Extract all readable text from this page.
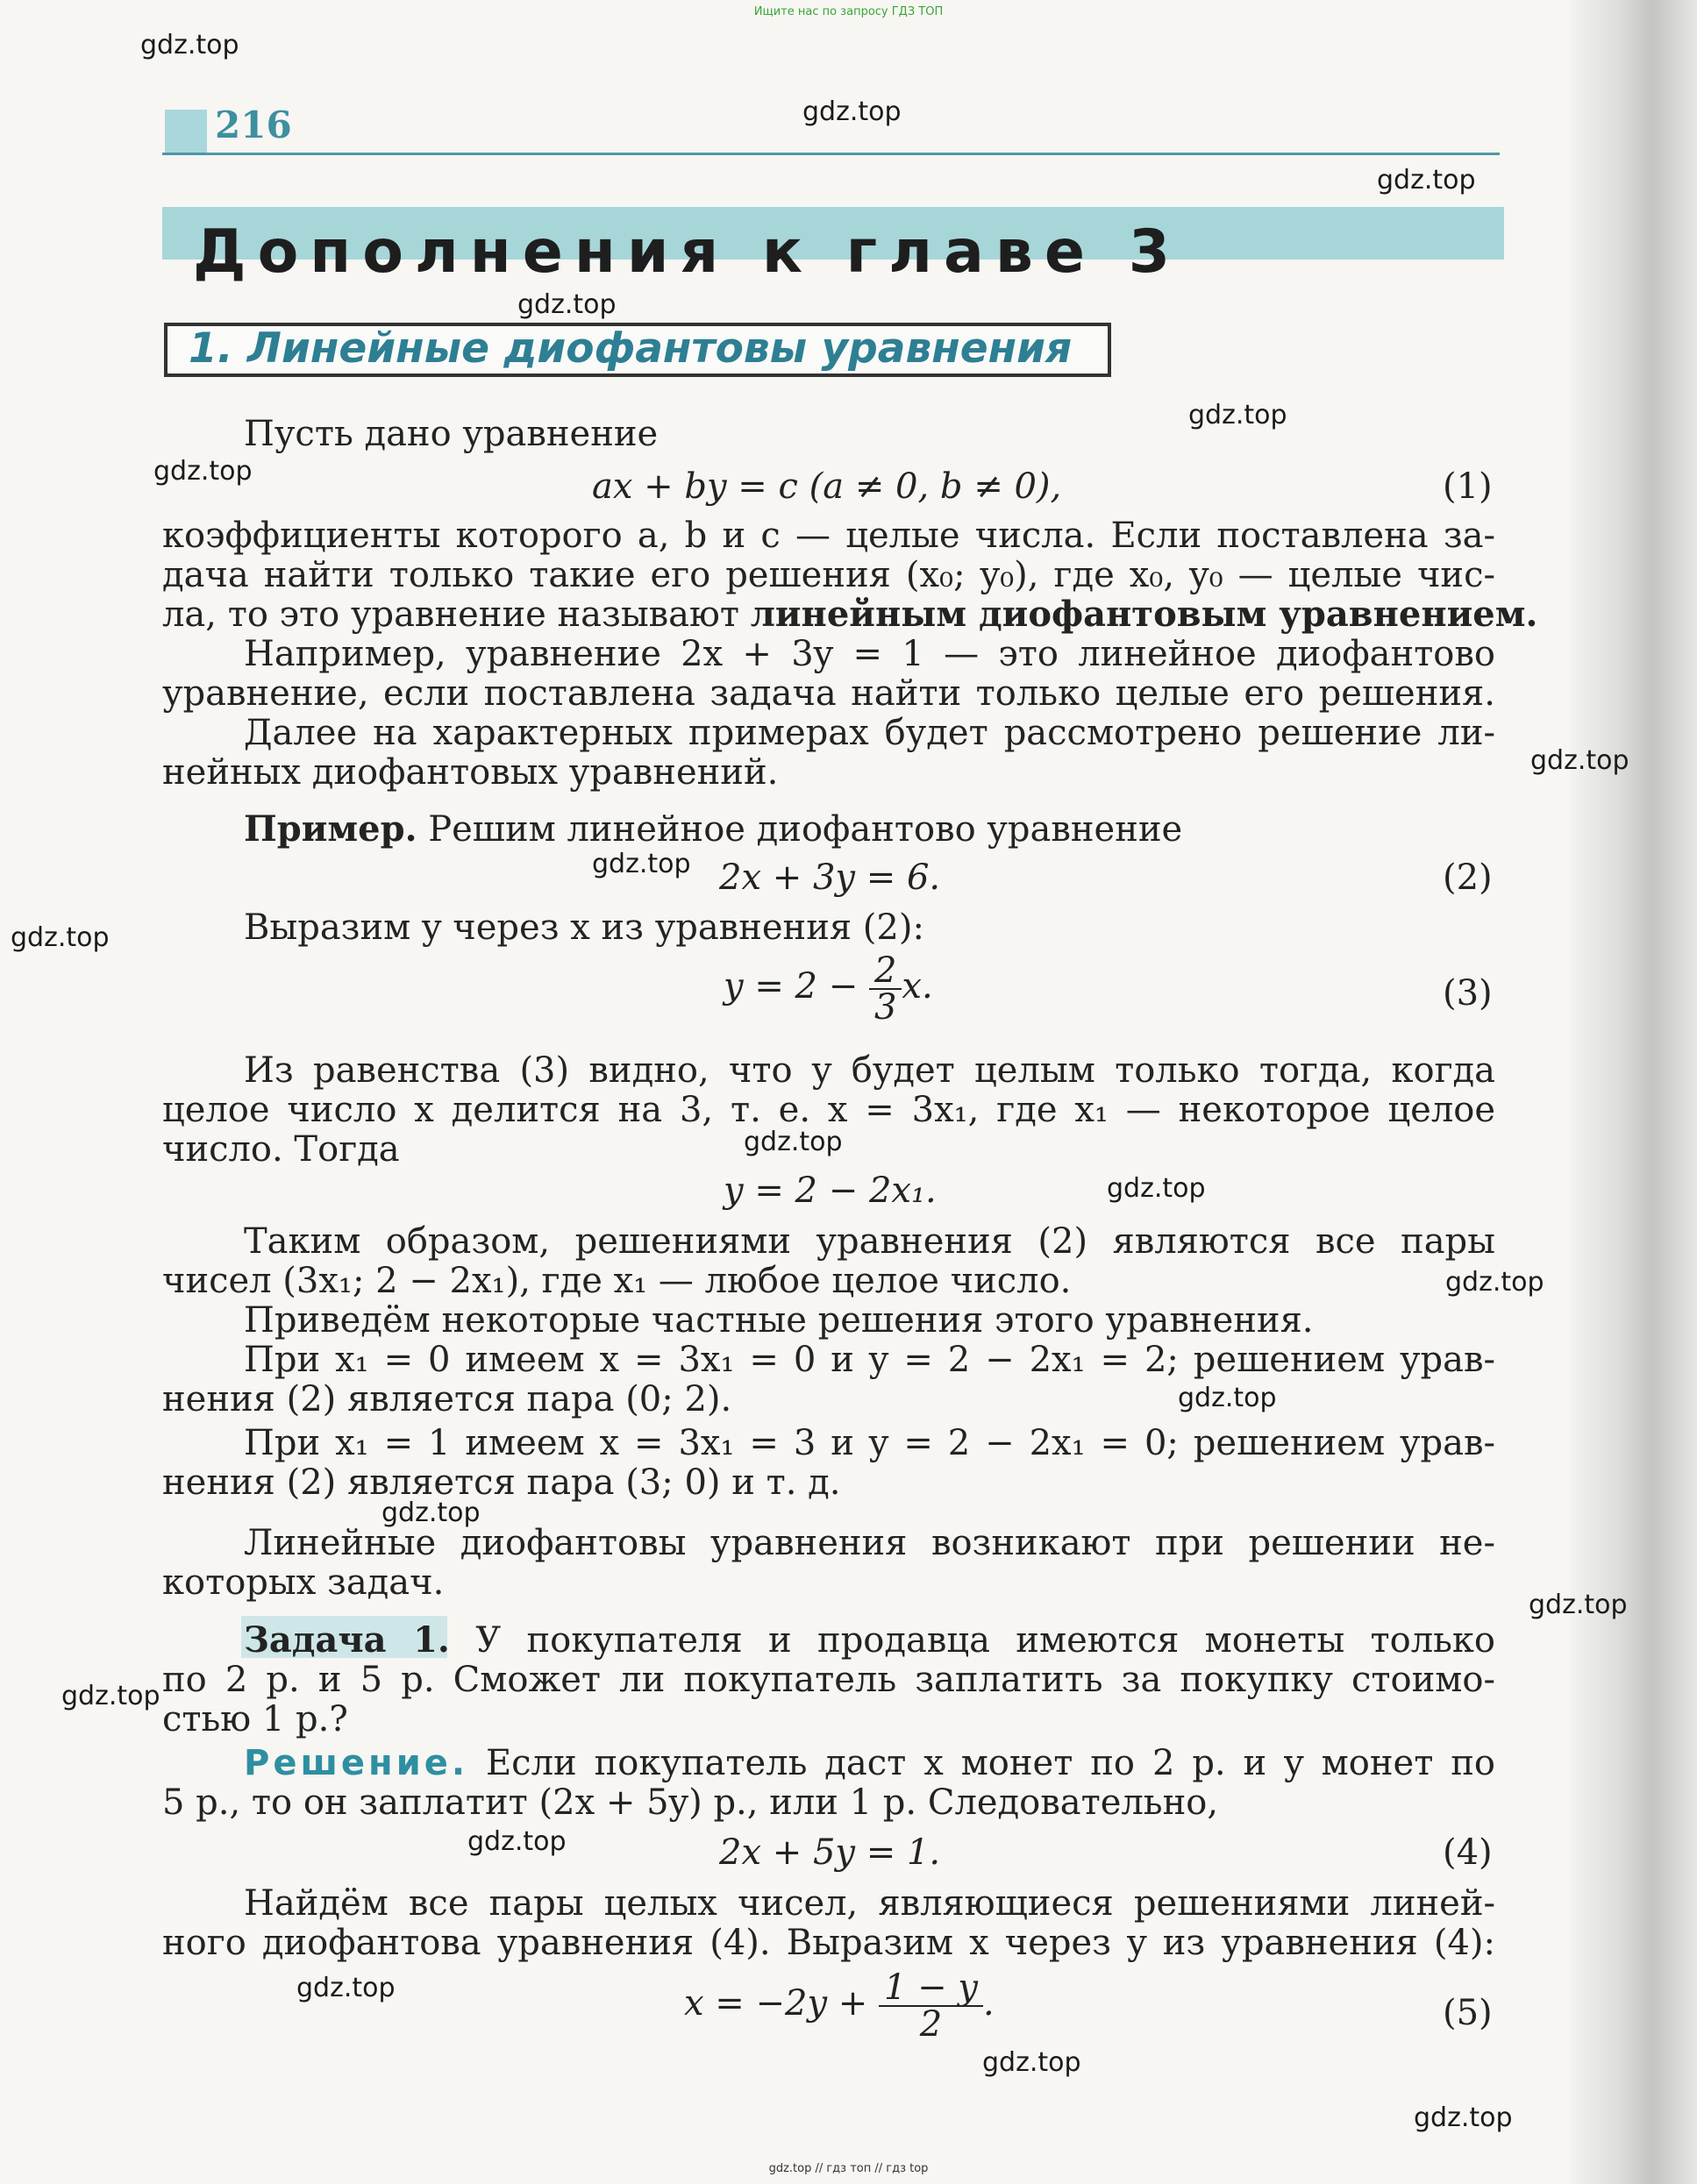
Ищите нас по запросу ГДЗ ТОП
216
Дополнения к главе 3
1. Линейные диофантовы уравнения
Пусть дано уравнение
ax + by = c (a ≠ 0, b ≠ 0),	(1)
коэффициенты которого a, b и c — целые числа. Если поставлена за-
дача найти только такие его решения (x₀; y₀), где x₀, y₀ — целые чис-
ла, то это уравнение называют линейным диофантовым уравнением.
Например, уравнение 2x + 3y = 1 — это линейное диофантово
уравнение, если поставлена задача найти только целые его решения.
Далее на характерных примерах будет рассмотрено решение ли-
нейных диофантовых уравнений.
Пример. Решим линейное диофантово уравнение
2x + 3y = 6.	(2)
Выразим y через x из уравнения (2):
$y = 2 - \frac{2}{3} x$.	(3)
Из равенства (3) видно, что y будет целым только тогда, когда
целое число x делится на 3, т. е. x = 3x₁, где x₁ — некоторое целое
число. Тогда
y = 2 − 2x₁.
Таким образом, решениями уравнения (2) являются все пары
чисел (3x₁; 2 − 2x₁), где x₁ — любое целое число.
Приведём некоторые частные решения этого уравнения.
При x₁ = 0 имеем x = 3x₁ = 0 и y = 2 − 2x₁ = 2; решением урав-
нения (2) является пара (0; 2).
При x₁ = 1 имеем x = 3x₁ = 3 и y = 2 − 2x₁ = 0; решением урав-
нения (2) является пара (3; 0) и т. д.
Линейные диофантовы уравнения возникают при решении не-
которых задач.
Задача 1. У покупателя и продавца имеются монеты только
по 2 р. и 5 р. Сможет ли покупатель заплатить за покупку стоимо-
стью 1 р.?
Решение. Если покупатель даст x монет по 2 р. и y монет по
5 р., то он заплатит (2x + 5y) р., или 1 р. Следовательно,
2x + 5y = 1.	(4)
Найдём все пары целых чисел, являющиеся решениями линей-
ного диофантова уравнения (4). Выразим x через y из уравнения (4):
$x = -2y + \frac{1 - y}{2}$ .	(5)
gdz.top
gdz.top
gdz.top
gdz.top
gdz.top
gdz.top
gdz.top
gdz.top
gdz.top
gdz.top
gdz.top
gdz.top
gdz.top
gdz.top
gdz.top
gdz.top
gdz.top
gdz.top
gdz.top
gdz.top
gdz.top // гдз топ // гдз top
